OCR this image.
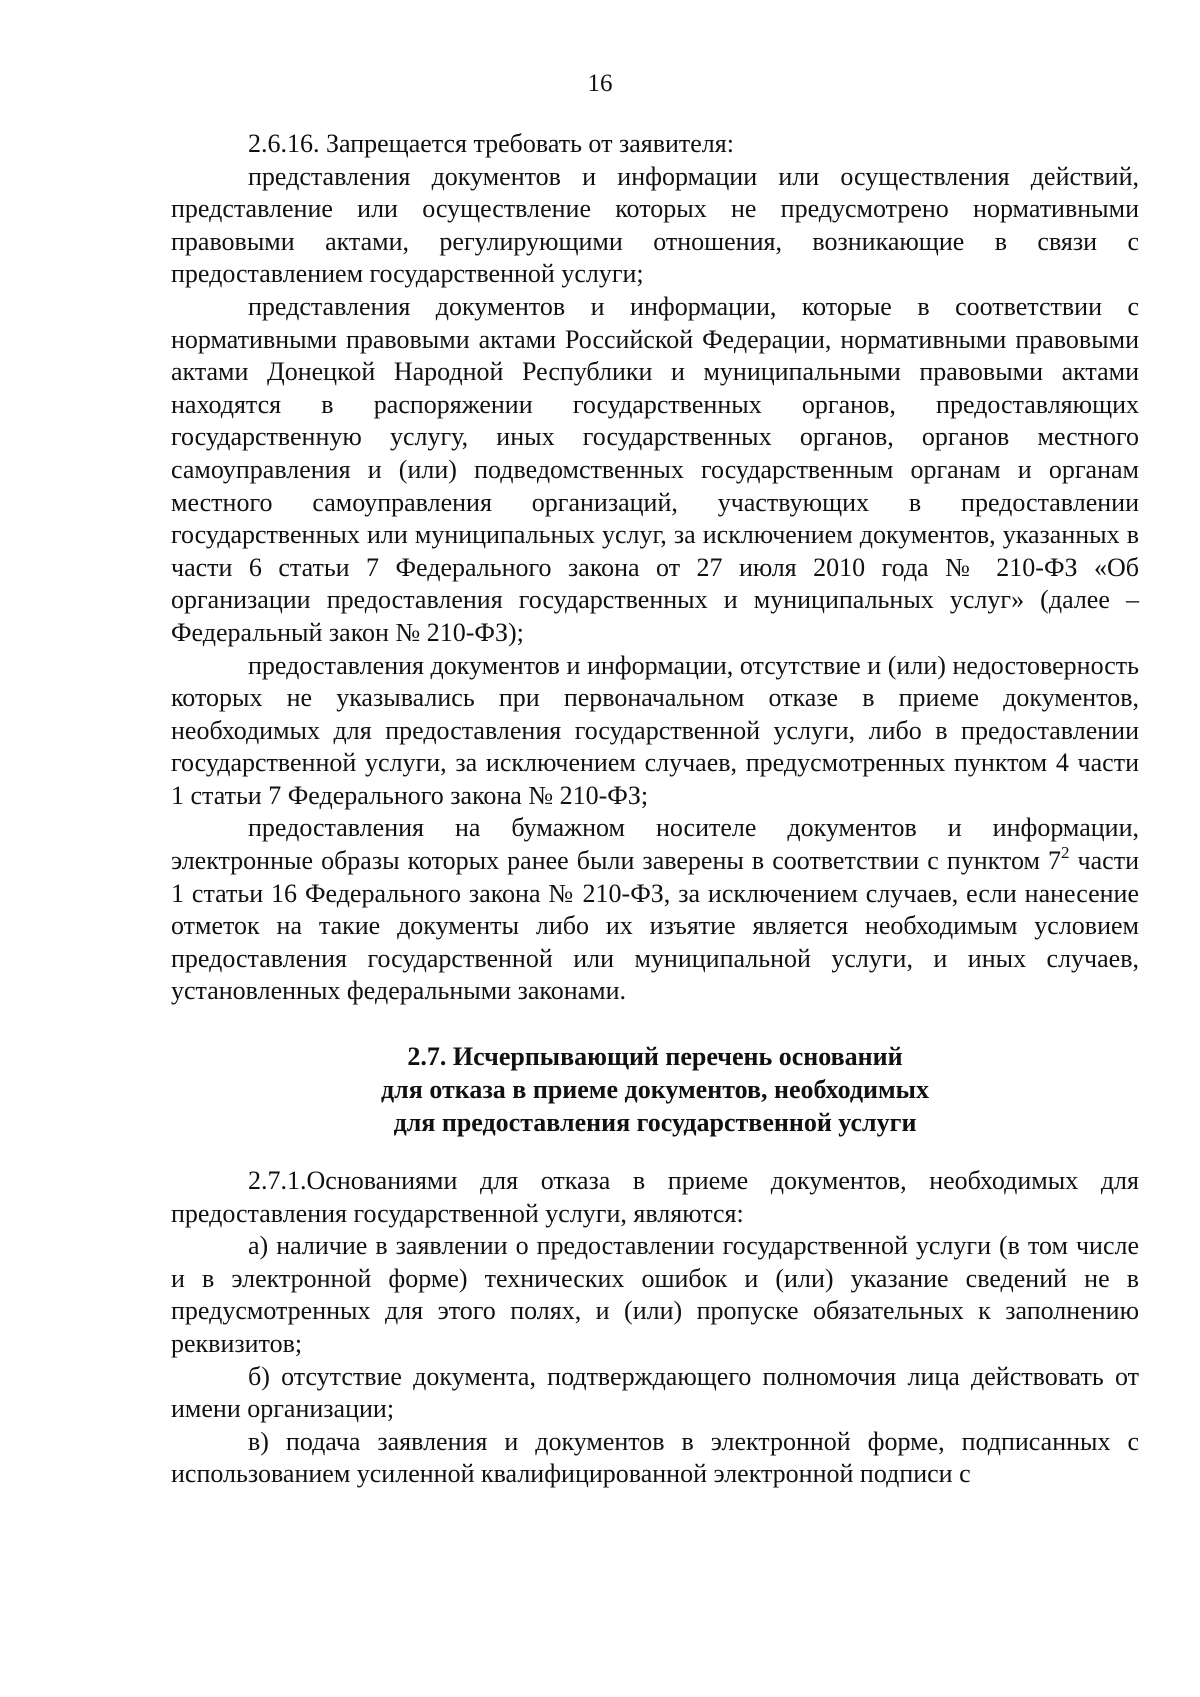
16

2.6.16. Запрещается требовать от заявителя:

представления документов и информации или осуществления действий, представление или осуществление которых не предусмотрено нормативными правовыми актами, регулирующими отношения, возникающие в связи с предоставлением государственной услуги;

представления документов и информации, которые в соответствии с нормативными правовыми актами Российской Федерации, нормативными правовыми актами Донецкой Народной Республики и муниципальными правовыми актами находятся в распоряжении государственных органов, предоставляющих государственную услугу, иных государственных органов, органов местного самоуправления и (или) подведомственных государственным органам и органам местного самоуправления организаций, участвующих в предоставлении государственных или муниципальных услуг, за исключением документов, указанных в части 6 статьи 7 Федерального закона от 27 июля 2010 года № 210-ФЗ «Об организации предоставления государственных и муниципальных услуг» (далее – Федеральный закон № 210-ФЗ);

предоставления документов и информации, отсутствие и (или) недостоверность которых не указывались при первоначальном отказе в приеме документов, необходимых для предоставления государственной услуги, либо в предоставлении государственной услуги, за исключением случаев, предусмотренных пунктом 4 части 1 статьи 7 Федерального закона № 210-ФЗ;

предоставления на бумажном носителе документов и информации, электронные образы которых ранее были заверены в соответствии с пунктом $7^2$ части 1 статьи 16 Федерального закона № 210-ФЗ, за исключением случаев, если нанесение отметок на такие документы либо их изъятие является необходимым условием предоставления государственной или муниципальной услуги, и иных случаев, установленных федеральными законами.

2.7. Исчерпывающий перечень оснований
для отказа в приеме документов, необходимых
для предоставления государственной услуги

2.7.1.Основаниями для отказа в приеме документов, необходимых для предоставления государственной услуги, являются:

а) наличие в заявлении о предоставлении государственной услуги (в том числе и в электронной форме) технических ошибок и (или) указание сведений не в предусмотренных для этого полях, и (или) пропуске обязательных к заполнению реквизитов;

б) отсутствие документа, подтверждающего полномочия лица действовать от имени организации;

в) подача заявления и документов в электронной форме, подписанных с использованием усиленной квалифицированной электронной подписи с
